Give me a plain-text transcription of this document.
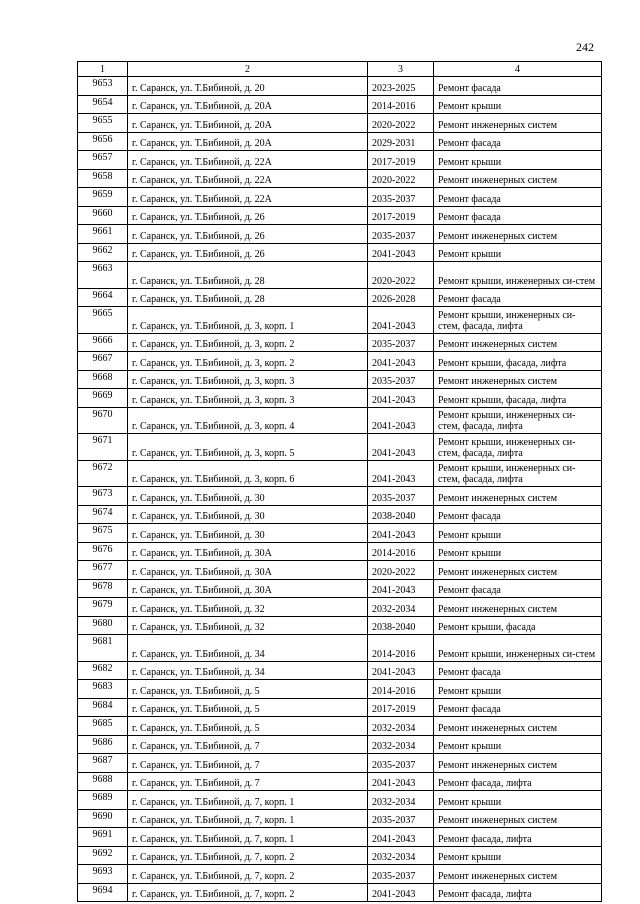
242
1	2	3	4
9653	г. Саранск, ул. Т.Бибиной, д. 20	2023-2025	Ремонт фасада
9654	г. Саранск, ул. Т.Бибиной, д. 20А	2014-2016	Ремонт крыши
9655	г. Саранск, ул. Т.Бибиной, д. 20А	2020-2022	Ремонт инженерных систем
9656	г. Саранск, ул. Т.Бибиной, д. 20А	2029-2031	Ремонт фасада
9657	г. Саранск, ул. Т.Бибиной, д. 22А	2017-2019	Ремонт крыши
9658	г. Саранск, ул. Т.Бибиной, д. 22А	2020-2022	Ремонт инженерных систем
9659	г. Саранск, ул. Т.Бибиной, д. 22А	2035-2037	Ремонт фасада
9660	г. Саранск, ул. Т.Бибиной, д. 26	2017-2019	Ремонт фасада
9661	г. Саранск, ул. Т.Бибиной, д. 26	2035-2037	Ремонт инженерных систем
9662	г. Саранск, ул. Т.Бибиной, д. 26	2041-2043	Ремонт крыши
9663	г. Саранск, ул. Т.Бибиной, д. 28	2020-2022	Ремонт крыши, инженерных си-стем
9664	г. Саранск, ул. Т.Бибиной, д. 28	2026-2028	Ремонт фасада
9665	г. Саранск, ул. Т.Бибиной, д. 3, корп. 1	2041-2043	Ремонт крыши, инженерных си-стем, фасада, лифта
9666	г. Саранск, ул. Т.Бибиной, д. 3, корп. 2	2035-2037	Ремонт инженерных систем
9667	г. Саранск, ул. Т.Бибиной, д. 3, корп. 2	2041-2043	Ремонт крыши, фасада, лифта
9668	г. Саранск, ул. Т.Бибиной, д. 3, корп. 3	2035-2037	Ремонт инженерных систем
9669	г. Саранск, ул. Т.Бибиной, д. 3, корп. 3	2041-2043	Ремонт крыши, фасада, лифта
9670	г. Саранск, ул. Т.Бибиной, д. 3, корп. 4	2041-2043	Ремонт крыши, инженерных си-стем, фасада, лифта
9671	г. Саранск, ул. Т.Бибиной, д. 3, корп. 5	2041-2043	Ремонт крыши, инженерных си-стем, фасада, лифта
9672	г. Саранск, ул. Т.Бибиной, д. 3, корп. 6	2041-2043	Ремонт крыши, инженерных си-стем, фасада, лифта
9673	г. Саранск, ул. Т.Бибиной, д. 30	2035-2037	Ремонт инженерных систем
9674	г. Саранск, ул. Т.Бибиной, д. 30	2038-2040	Ремонт фасада
9675	г. Саранск, ул. Т.Бибиной, д. 30	2041-2043	Ремонт крыши
9676	г. Саранск, ул. Т.Бибиной, д. 30А	2014-2016	Ремонт крыши
9677	г. Саранск, ул. Т.Бибиной, д. 30А	2020-2022	Ремонт инженерных систем
9678	г. Саранск, ул. Т.Бибиной, д. 30А	2041-2043	Ремонт фасада
9679	г. Саранск, ул. Т.Бибиной, д. 32	2032-2034	Ремонт инженерных систем
9680	г. Саранск, ул. Т.Бибиной, д. 32	2038-2040	Ремонт крыши, фасада
9681	г. Саранск, ул. Т.Бибиной, д. 34	2014-2016	Ремонт крыши, инженерных си-стем
9682	г. Саранск, ул. Т.Бибиной, д. 34	2041-2043	Ремонт фасада
9683	г. Саранск, ул. Т.Бибиной, д. 5	2014-2016	Ремонт крыши
9684	г. Саранск, ул. Т.Бибиной, д. 5	2017-2019	Ремонт фасада
9685	г. Саранск, ул. Т.Бибиной, д. 5	2032-2034	Ремонт инженерных систем
9686	г. Саранск, ул. Т.Бибиной, д. 7	2032-2034	Ремонт крыши
9687	г. Саранск, ул. Т.Бибиной, д. 7	2035-2037	Ремонт инженерных систем
9688	г. Саранск, ул. Т.Бибиной, д. 7	2041-2043	Ремонт фасада, лифта
9689	г. Саранск, ул. Т.Бибиной, д. 7, корп. 1	2032-2034	Ремонт крыши
9690	г. Саранск, ул. Т.Бибиной, д. 7, корп. 1	2035-2037	Ремонт инженерных систем
9691	г. Саранск, ул. Т.Бибиной, д. 7, корп. 1	2041-2043	Ремонт фасада, лифта
9692	г. Саранск, ул. Т.Бибиной, д. 7, корп. 2	2032-2034	Ремонт крыши
9693	г. Саранск, ул. Т.Бибиной, д. 7, корп. 2	2035-2037	Ремонт инженерных систем
9694	г. Саранск, ул. Т.Бибиной, д. 7, корп. 2	2041-2043	Ремонт фасада, лифта
